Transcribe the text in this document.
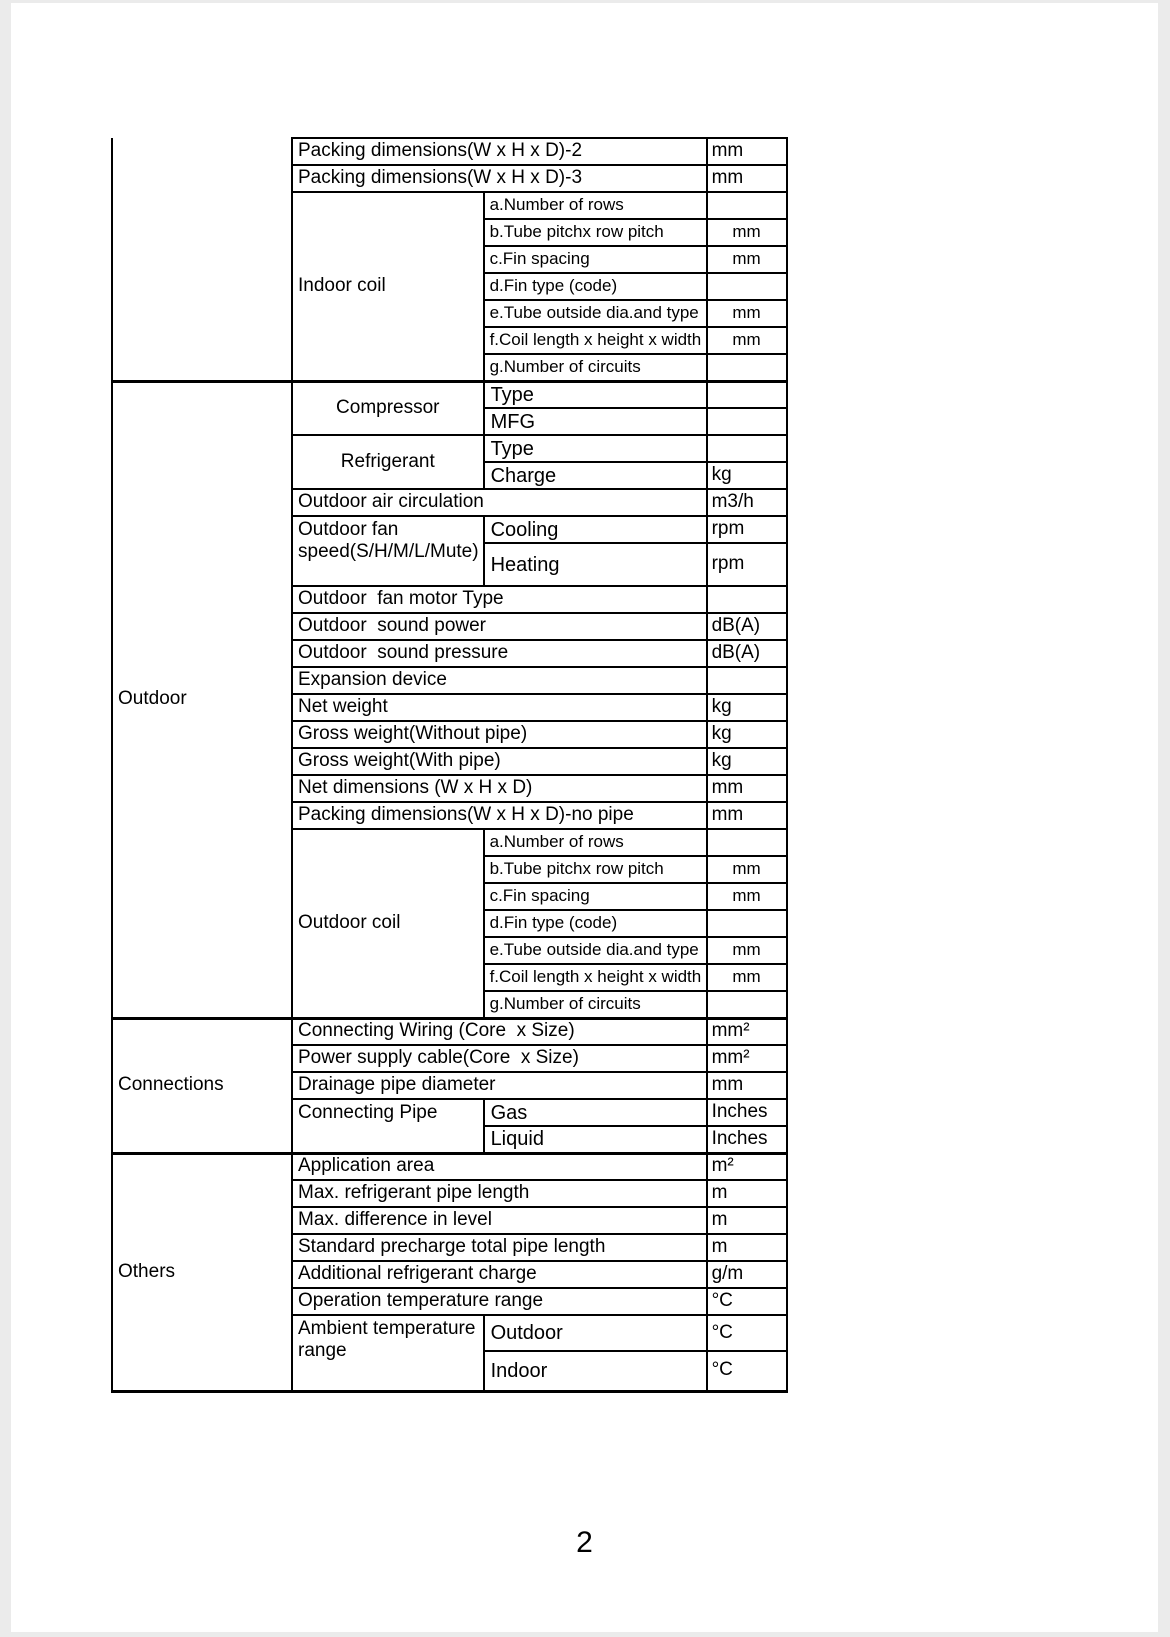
	Packing dimensions(W x H x D)-2		mm
	Packing dimensions(W x H x D)-3		mm
	Indoor coil	a.Number of rows	
		b.Tube pitchx row pitch	mm
		c.Fin spacing	mm
		d.Fin type (code)	
		e.Tube outside dia.and type	mm
		f.Coil length x height x width	mm
		g.Number of circuits	
Outdoor	Compressor	Type	
		MFG	
	Refrigerant	Type	
		Charge	kg
	Outdoor air circulation		m3/h
	Outdoor fan speed(S/H/M/L/Mute)	Cooling	rpm
		Heating	rpm
	Outdoor  fan motor Type		
	Outdoor  sound power		dB(A)
	Outdoor  sound pressure		dB(A)
	Expansion device		
	Net weight		kg
	Gross weight(Without pipe)		kg
	Gross weight(With pipe)		kg
	Net dimensions (W x H x D)		mm
	Packing dimensions(W x H x D)-no pipe		mm
	Outdoor coil	a.Number of rows	
		b.Tube pitchx row pitch	mm
		c.Fin spacing	mm
		d.Fin type (code)	
		e.Tube outside dia.and type	mm
		f.Coil length x height x width	mm
		g.Number of circuits	
Connections	Connecting Wiring (Core  x Size)		mm²
	Power supply cable(Core  x Size)		mm²
	Drainage pipe diameter		mm
	Connecting Pipe	Gas	Inches
		Liquid	Inches
Others	Application area		m²
	Max. refrigerant pipe length		m
	Max. difference in level		m
	Standard precharge total pipe length		m
	Additional refrigerant charge		g/m
	Operation temperature range		°C
	Ambient temperature range	Outdoor	°C
		Indoor	°C
2
